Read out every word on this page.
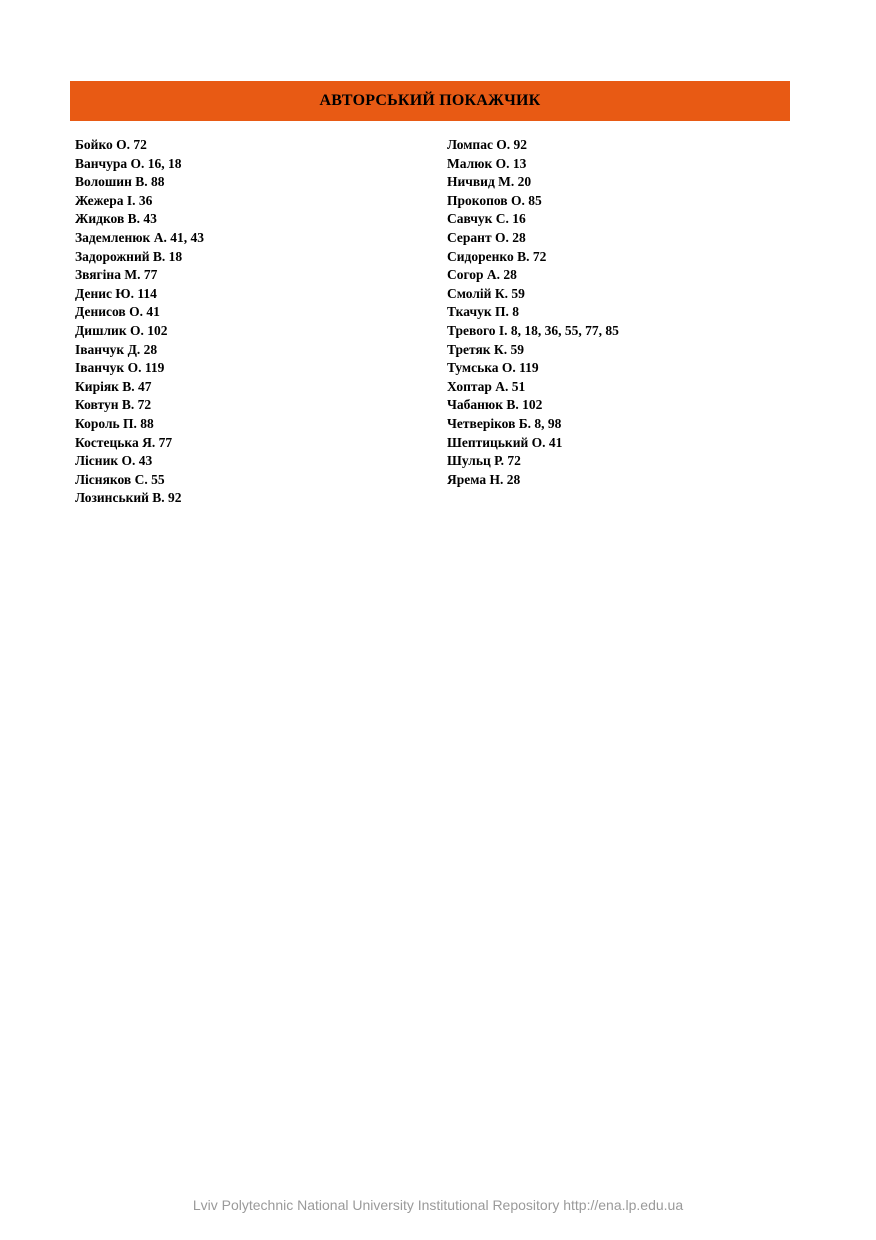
АВТОРСЬКИЙ ПОКАЖЧИК
Бойко О. 72
Ванчура О. 16, 18
Волошин В. 88
Жежера І. 36
Жидков В. 43
Задемленюк А. 41, 43
Задорожний В. 18
Звягіна М. 77
Денис Ю. 114
Денисов О. 41
Дишлик О. 102
Іванчук Д. 28
Іванчук О. 119
Киріяк В. 47
Ковтун В. 72
Король П. 88
Костецька Я. 77
Лісник О. 43
Лісняков С. 55
Лозинський В. 92
Ломпас О. 92
Малюк О. 13
Ничвид М. 20
Прокопов О. 85
Савчук С. 16
Серант О. 28
Сидоренко В. 72
Согор А. 28
Смолій К. 59
Ткачук П. 8
Тревого І. 8, 18, 36, 55, 77, 85
Третяк К. 59
Тумська О. 119
Хоптар А. 51
Чабанюк В. 102
Четверіков Б. 8, 98
Шептицький О. 41
Шульц Р. 72
Ярема Н. 28
Lviv Polytechnic National University Institutional Repository http://ena.lp.edu.ua
